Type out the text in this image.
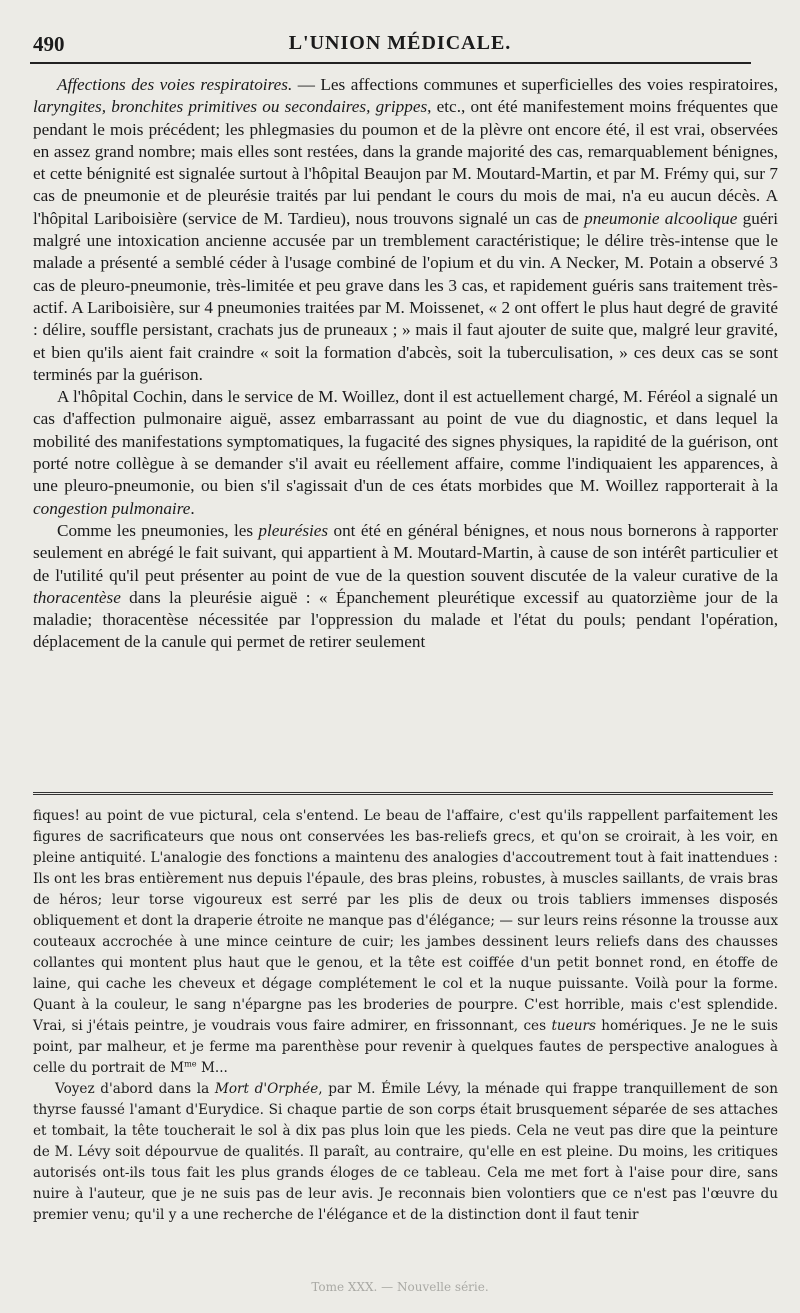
490	L'UNION MÉDICALE.

Affections des voies respiratoires. — Les affections communes et superficielles des voies respiratoires, laryngites, bronchites primitives ou secondaires, grippes, etc., ont été manifestement moins fréquentes que pendant le mois précédent; les phlegmasies du poumon et de la plèvre ont encore été, il est vrai, observées en assez grand nombre; mais elles sont restées, dans la grande majorité des cas, remarquablement bénignes, et cette bénignité est signalée surtout à l'hôpital Beaujon par M. Moutard-Martin, et par M. Frémy qui, sur 7 cas de pneumonie et de pleurésie traités par lui pendant le cours du mois de mai, n'a eu aucun décès. A l'hôpital Lariboisière (service de M. Tardieu), nous trouvons signalé un cas de pneumonie alcoolique guéri malgré une intoxication ancienne accusée par un tremblement caractéristique; le délire très-intense que le malade a présenté a semblé céder à l'usage combiné de l'opium et du vin. A Necker, M. Potain a observé 3 cas de pleuro-pneumonie, très-limitée et peu grave dans les 3 cas, et rapidement guéris sans traitement très-actif. A Lariboisière, sur 4 pneumonies traitées par M. Moissenet, « 2 ont offert le plus haut degré de gravité : délire, souffle persistant, crachats jus de pruneaux ; » mais il faut ajouter de suite que, malgré leur gravité, et bien qu'ils aient fait craindre « soit la formation d'abcès, soit la tuberculisation, » ces deux cas se sont terminés par la guérison.

A l'hôpital Cochin, dans le service de M. Woillez, dont il est actuellement chargé, M. Féréol a signalé un cas d'affection pulmonaire aiguë, assez embarrassant au point de vue du diagnostic, et dans lequel la mobilité des manifestations symptomatiques, la fugacité des signes physiques, la rapidité de la guérison, ont porté notre collègue à se demander s'il avait eu réellement affaire, comme l'indiquaient les apparences, à une pleuro-pneumonie, ou bien s'il s'agissait d'un de ces états morbides que M. Woillez rapporterait à la congestion pulmonaire.

Comme les pneumonies, les pleurésies ont été en général bénignes, et nous nous bornerons à rapporter seulement en abrégé le fait suivant, qui appartient à M. Moutard-Martin, à cause de son intérêt particulier et de l'utilité qu'il peut présenter au point de vue de la question souvent discutée de la valeur curative de la thoracentèse dans la pleurésie aiguë : « Épanchement pleurétique excessif au quatorzième jour de la maladie; thoracentèse nécessitée par l'oppression du malade et l'état du pouls; pendant l'opération, déplacement de la canule qui permet de retirer seulement

fiques! au point de vue pictural, cela s'entend. Le beau de l'affaire, c'est qu'ils rappellent parfaitement les figures de sacrificateurs que nous ont conservées les bas-reliefs grecs, et qu'on se croirait, à les voir, en pleine antiquité. L'analogie des fonctions a maintenu des analogies d'accoutrement tout à fait inattendues : Ils ont les bras entièrement nus depuis l'épaule, des bras pleins, robustes, à muscles saillants, de vrais bras de héros; leur torse vigoureux est serré par les plis de deux ou trois tabliers immenses disposés obliquement et dont la draperie étroite ne manque pas d'élégance; — sur leurs reins résonne la trousse aux couteaux accrochée à une mince ceinture de cuir; les jambes dessinent leurs reliefs dans des chausses collantes qui montent plus haut que le genou, et la tête est coiffée d'un petit bonnet rond, en étoffe de laine, qui cache les cheveux et dégage complétement le col et la nuque puissante. Voilà pour la forme. Quant à la couleur, le sang n'épargne pas les broderies de pourpre. C'est horrible, mais c'est splendide. Vrai, si j'étais peintre, je voudrais vous faire admirer, en frissonnant, ces tueurs homériques. Je ne le suis point, par malheur, et je ferme ma parenthèse pour revenir à quelques fautes de perspective analogues à celle du portrait de $M^{me}$ M...

Voyez d'abord dans la Mort d'Orphée, par M. Émile Lévy, la ménade qui frappe tranquillement de son thyrse faussé l'amant d'Eurydice. Si chaque partie de son corps était brusquement séparée de ses attaches et tombait, la tête toucherait le sol à dix pas plus loin que les pieds. Cela ne veut pas dire que la peinture de M. Lévy soit dépourvue de qualités. Il paraît, au contraire, qu'elle en est pleine. Du moins, les critiques autorisés ont-ils tous fait les plus grands éloges de ce tableau. Cela me met fort à l'aise pour dire, sans nuire à l'auteur, que je ne suis pas de leur avis. Je reconnais bien volontiers que ce n'est pas l'œuvre du premier venu; qu'il y a une recherche de l'élégance et de la distinction dont il faut tenir

Tome XXX. — Nouvelle série.
